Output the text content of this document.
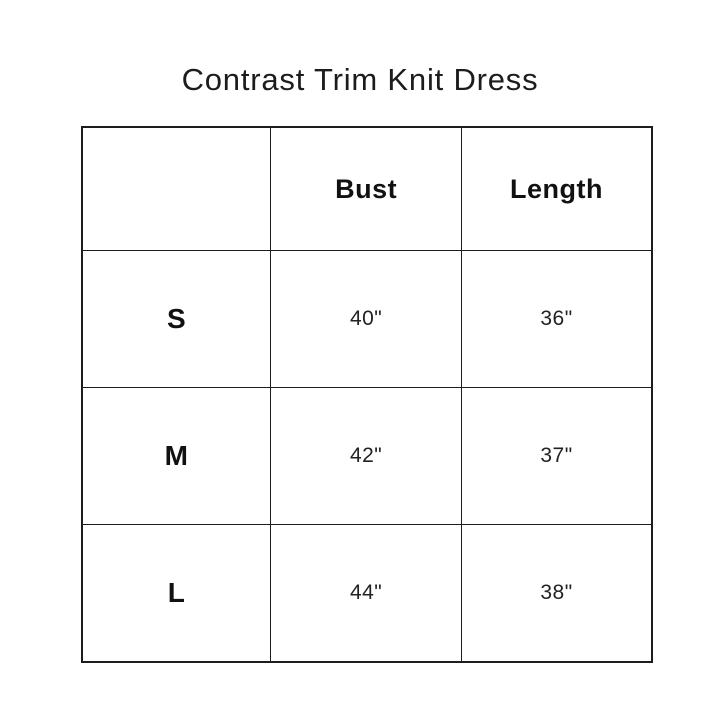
Contrast Trim Knit Dress
	Bust	Length
S	40"	36"
M	42"	37"
L	44"	38"
